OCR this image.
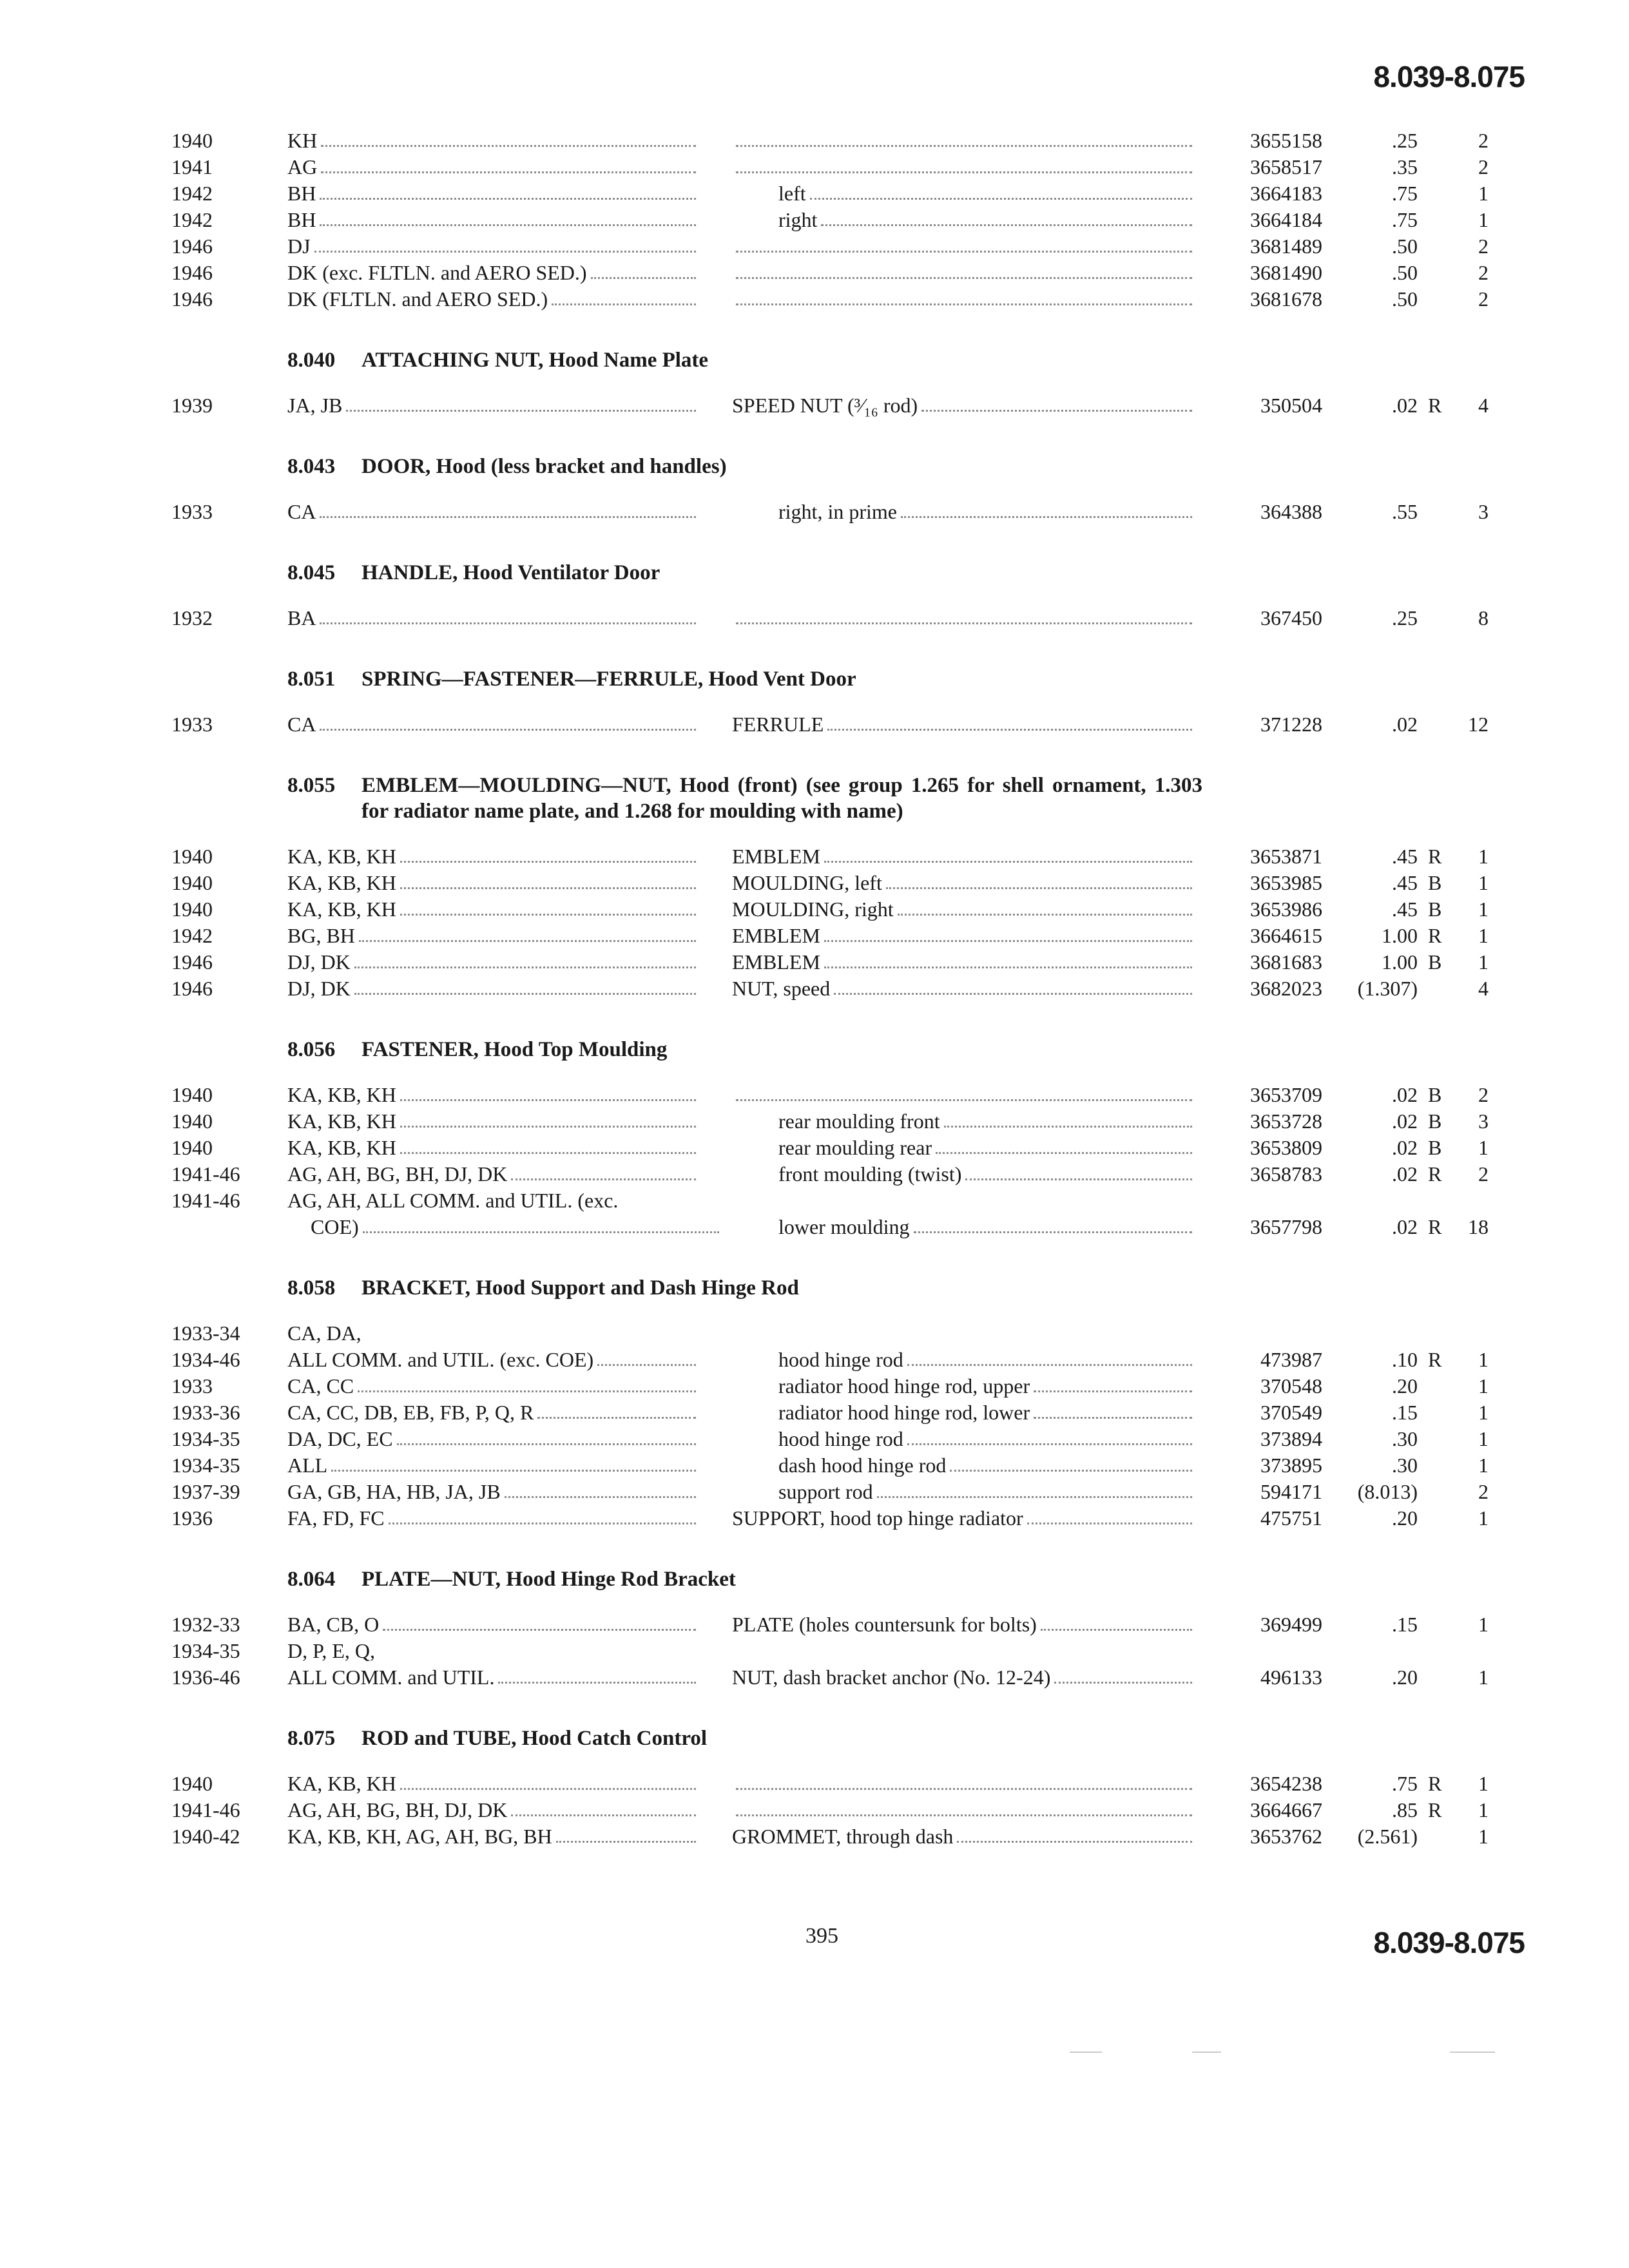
8.039-8.075
1940	KH	3655158	.25	2
1941	AG	3658517	.35	2
1942	BH	left	3664183	.75	1
1942	BH	right	3664184	.75	1
1946	DJ	3681489	.50	2
1946	DK (exc. FLTLN. and AERO SED.)	3681490	.50	2
1946	DK (FLTLN. and AERO SED.)	3681678	.50	2
8.040 ATTACHING NUT, Hood Name Plate
1939	JA, JB	SPEED NUT (³⁄₁₆ rod)	350504	.02 R	4
8.043 DOOR, Hood (less bracket and handles)
1933	CA	right, in prime	364388	.55	3
8.045 HANDLE, Hood Ventilator Door
1932	BA	367450	.25	8
8.051 SPRING—FASTENER—FERRULE, Hood Vent Door
1933	CA	FERRULE	371228	.02	12
8.055 EMBLEM—MOULDING—NUT, Hood (front) (see group 1.265 for shell ornament, 1.303 for radiator name plate, and 1.268 for moulding with name)
1940	KA, KB, KH	EMBLEM	3653871	.45 R	1
1940	KA, KB, KH	MOULDING, left	3653985	.45 B	1
1940	KA, KB, KH	MOULDING, right	3653986	.45 B	1
1942	BG, BH	EMBLEM	3664615	1.00 R	1
1946	DJ, DK	EMBLEM	3681683	1.00 B	1
1946	DJ, DK	NUT, speed	3682023	(1.307)	4
8.056 FASTENER, Hood Top Moulding
1940	KA, KB, KH	3653709	.02 B	2
1940	KA, KB, KH	rear moulding front	3653728	.02 B	3
1940	KA, KB, KH	rear moulding rear	3653809	.02 B	1
1941-46 AG, AH, BG, BH, DJ, DK	front moulding (twist)	3658783	.02 R	2
1941-46 AG, AH, ALL COMM. and UTIL. (exc.
COE)	lower moulding	3657798	.02 R	18
8.058 BRACKET, Hood Support and Dash Hinge Rod
1933-34 CA, DA,
1934-46 ALL COMM. and UTIL. (exc. COE)	hood hinge rod	473987	.10 R	1
1933	CA, CC	radiator hood hinge rod, upper	370548	.20	1
1933-36 CA, CC, DB, EB, FB, P, Q, R	radiator hood hinge rod, lower	370549	.15	1
1934-35 DA, DC, EC	hood hinge rod	373894	.30	1
1934-35 ALL	dash hood hinge rod	373895	.30	1
1937-39 GA, GB, HA, HB, JA, JB	support rod	594171	(8.013)	2
1936	FA, FD, FC	SUPPORT, hood top hinge radiator	475751	.20	1
8.064 PLATE—NUT, Hood Hinge Rod Bracket
1932-33 BA, CB, O	PLATE (holes countersunk for bolts)	369499	.15	1
1934-35 D, P, E, Q,
1936-46 ALL COMM. and UTIL.	NUT, dash bracket anchor (No. 12-24)	496133	.20	1
8.075 ROD and TUBE, Hood Catch Control
1940	KA, KB, KH	3654238	.75 R	1
1941-46 AG, AH, BG, BH, DJ, DK	3664667	.85 R	1
1940-42 KA, KB, KH, AG, AH, BG, BH	GROMMET, through dash	3653762	(2.561)	1
395	8.039-8.075
